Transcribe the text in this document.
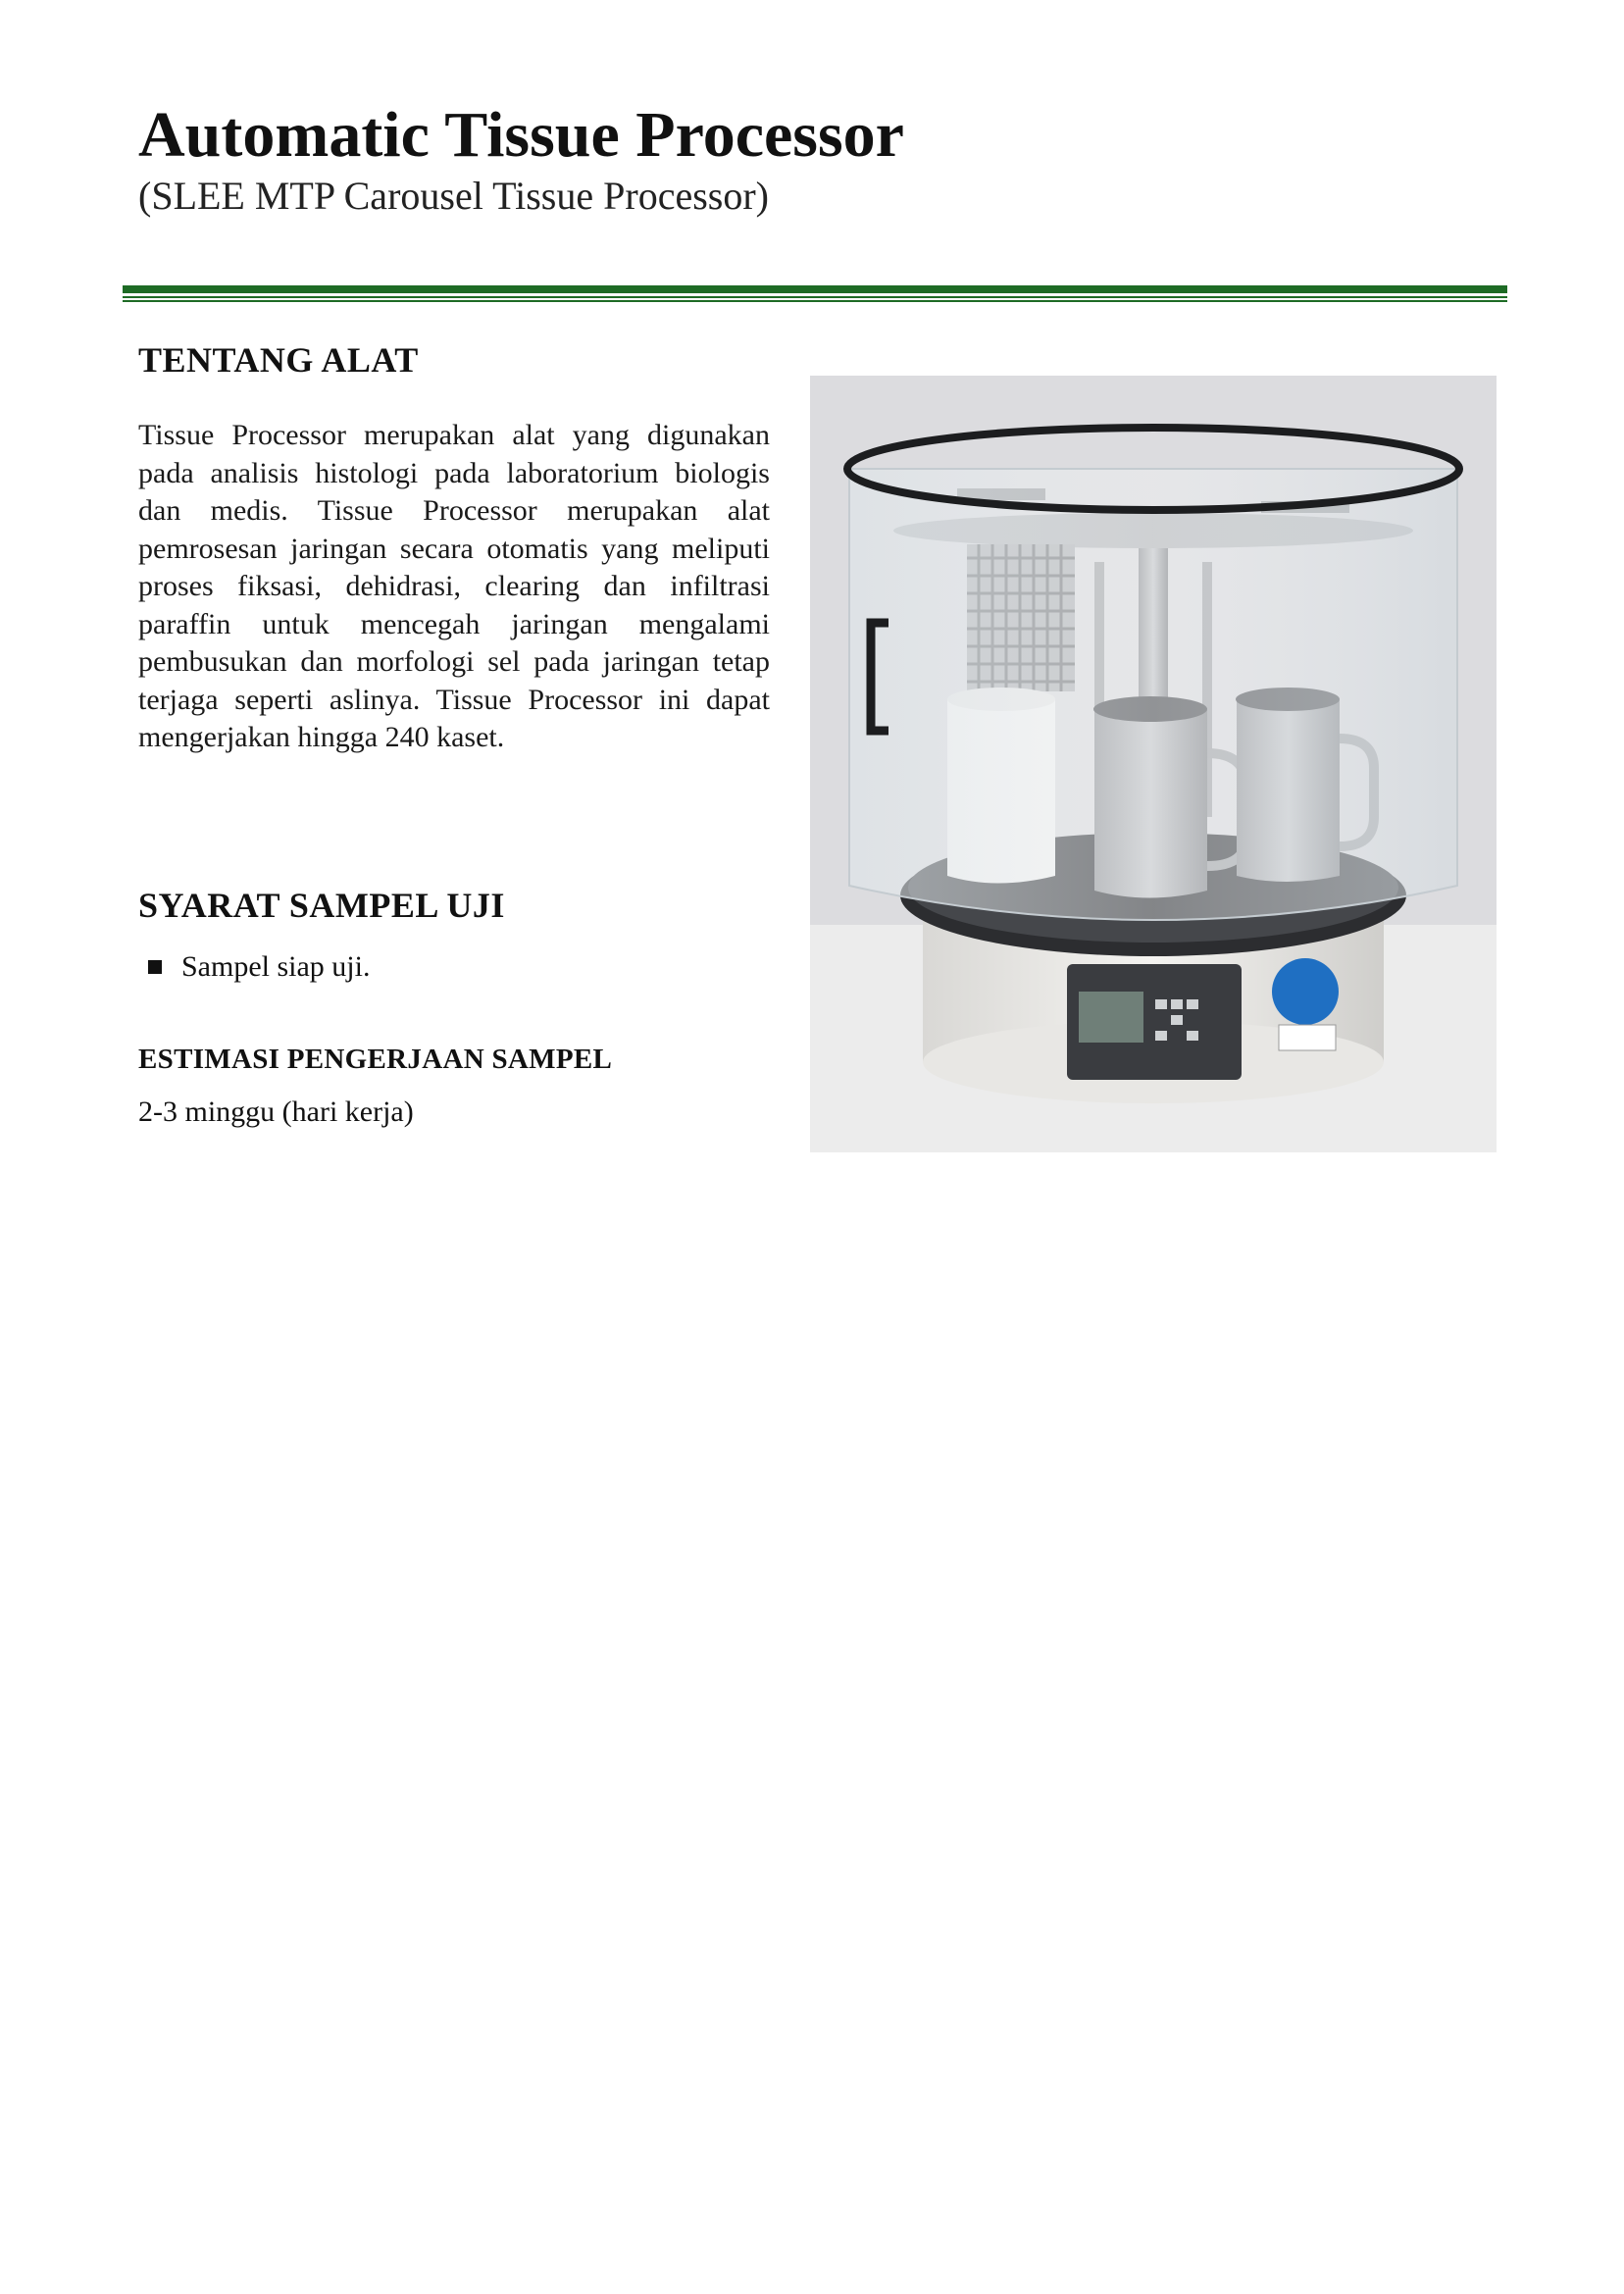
Automatic Tissue Processor

(SLEE MTP Carousel Tissue Processor)

TENTANG ALAT

Tissue Processor merupakan alat yang digunakan pada analisis histologi pada laboratorium biologis dan medis. Tissue Processor merupakan alat pemrosesan jaringan secara otomatis yang meliputi proses fiksasi, dehidrasi, clearing dan infiltrasi paraffin untuk mencegah jaringan mengalami pembusukan dan morfologi sel pada jaringan tetap terjaga seperti aslinya. Tissue Processor ini dapat mengerjakan hingga 240 kaset.

SYARAT SAMPEL UJI
Sampel siap uji.
ESTIMASI PENGERJAAN SAMPEL

2-3 minggu (hari kerja)
